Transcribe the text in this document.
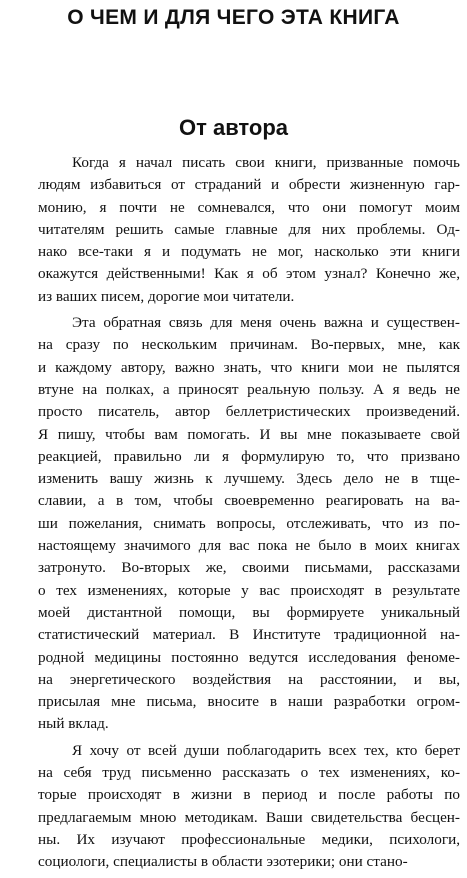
О ЧЕМ И ДЛЯ ЧЕГО ЭТА КНИГА
От автора

Когда я начал писать свои книги, призванные помочь
людям избавиться от страданий и обрести жизненную гар-
монию, я почти не сомневался, что они помогут моим
читателям решить самые главные для них проблемы. Од-
нако все-таки я и подумать не мог, насколько эти книги
окажутся действенными! Как я об этом узнал? Конечно же,
из ваших писем, дорогие мои читатели.

Эта обратная связь для меня очень важна и существен-
на сразу по нескольким причинам. Во-первых, мне, как
и каждому автору, важно знать, что книги мои не пылятся
втуне на полках, а приносят реальную пользу. А я ведь не
просто писатель, автор беллетристических произведений.
Я пишу, чтобы вам помогать. И вы мне показываете свой
реакцией, правильно ли я формулирую то, что призвано
изменить вашу жизнь к лучшему. Здесь дело не в тще-
славии, а в том, чтобы своевременно реагировать на ва-
ши пожелания, снимать вопросы, отслеживать, что из по-
настоящему значимого для вас пока не было в моих книгах
затронуто. Во-вторых же, своими письмами, рассказами
о тех изменениях, которые у вас происходят в результате
моей дистантной помощи, вы формируете уникальный
статистический материал. В Институте традиционной на-
родной медицины постоянно ведутся исследования феноме-
на энергетического воздействия на расстоянии, и вы,
присылая мне письма, вносите в наши разработки огром-
ный вклад.

Я хочу от всей души поблагодарить всех тех, кто берет
на себя труд письменно рассказать о тех изменениях, ко-
торые происходят в жизни в период и после работы по
предлагаемым мною методикам. Ваши свидетельства бесцен-
ны. Их изучают профессиональные медики, психологи,
социологи, специалисты в области эзотерики; они стано-
